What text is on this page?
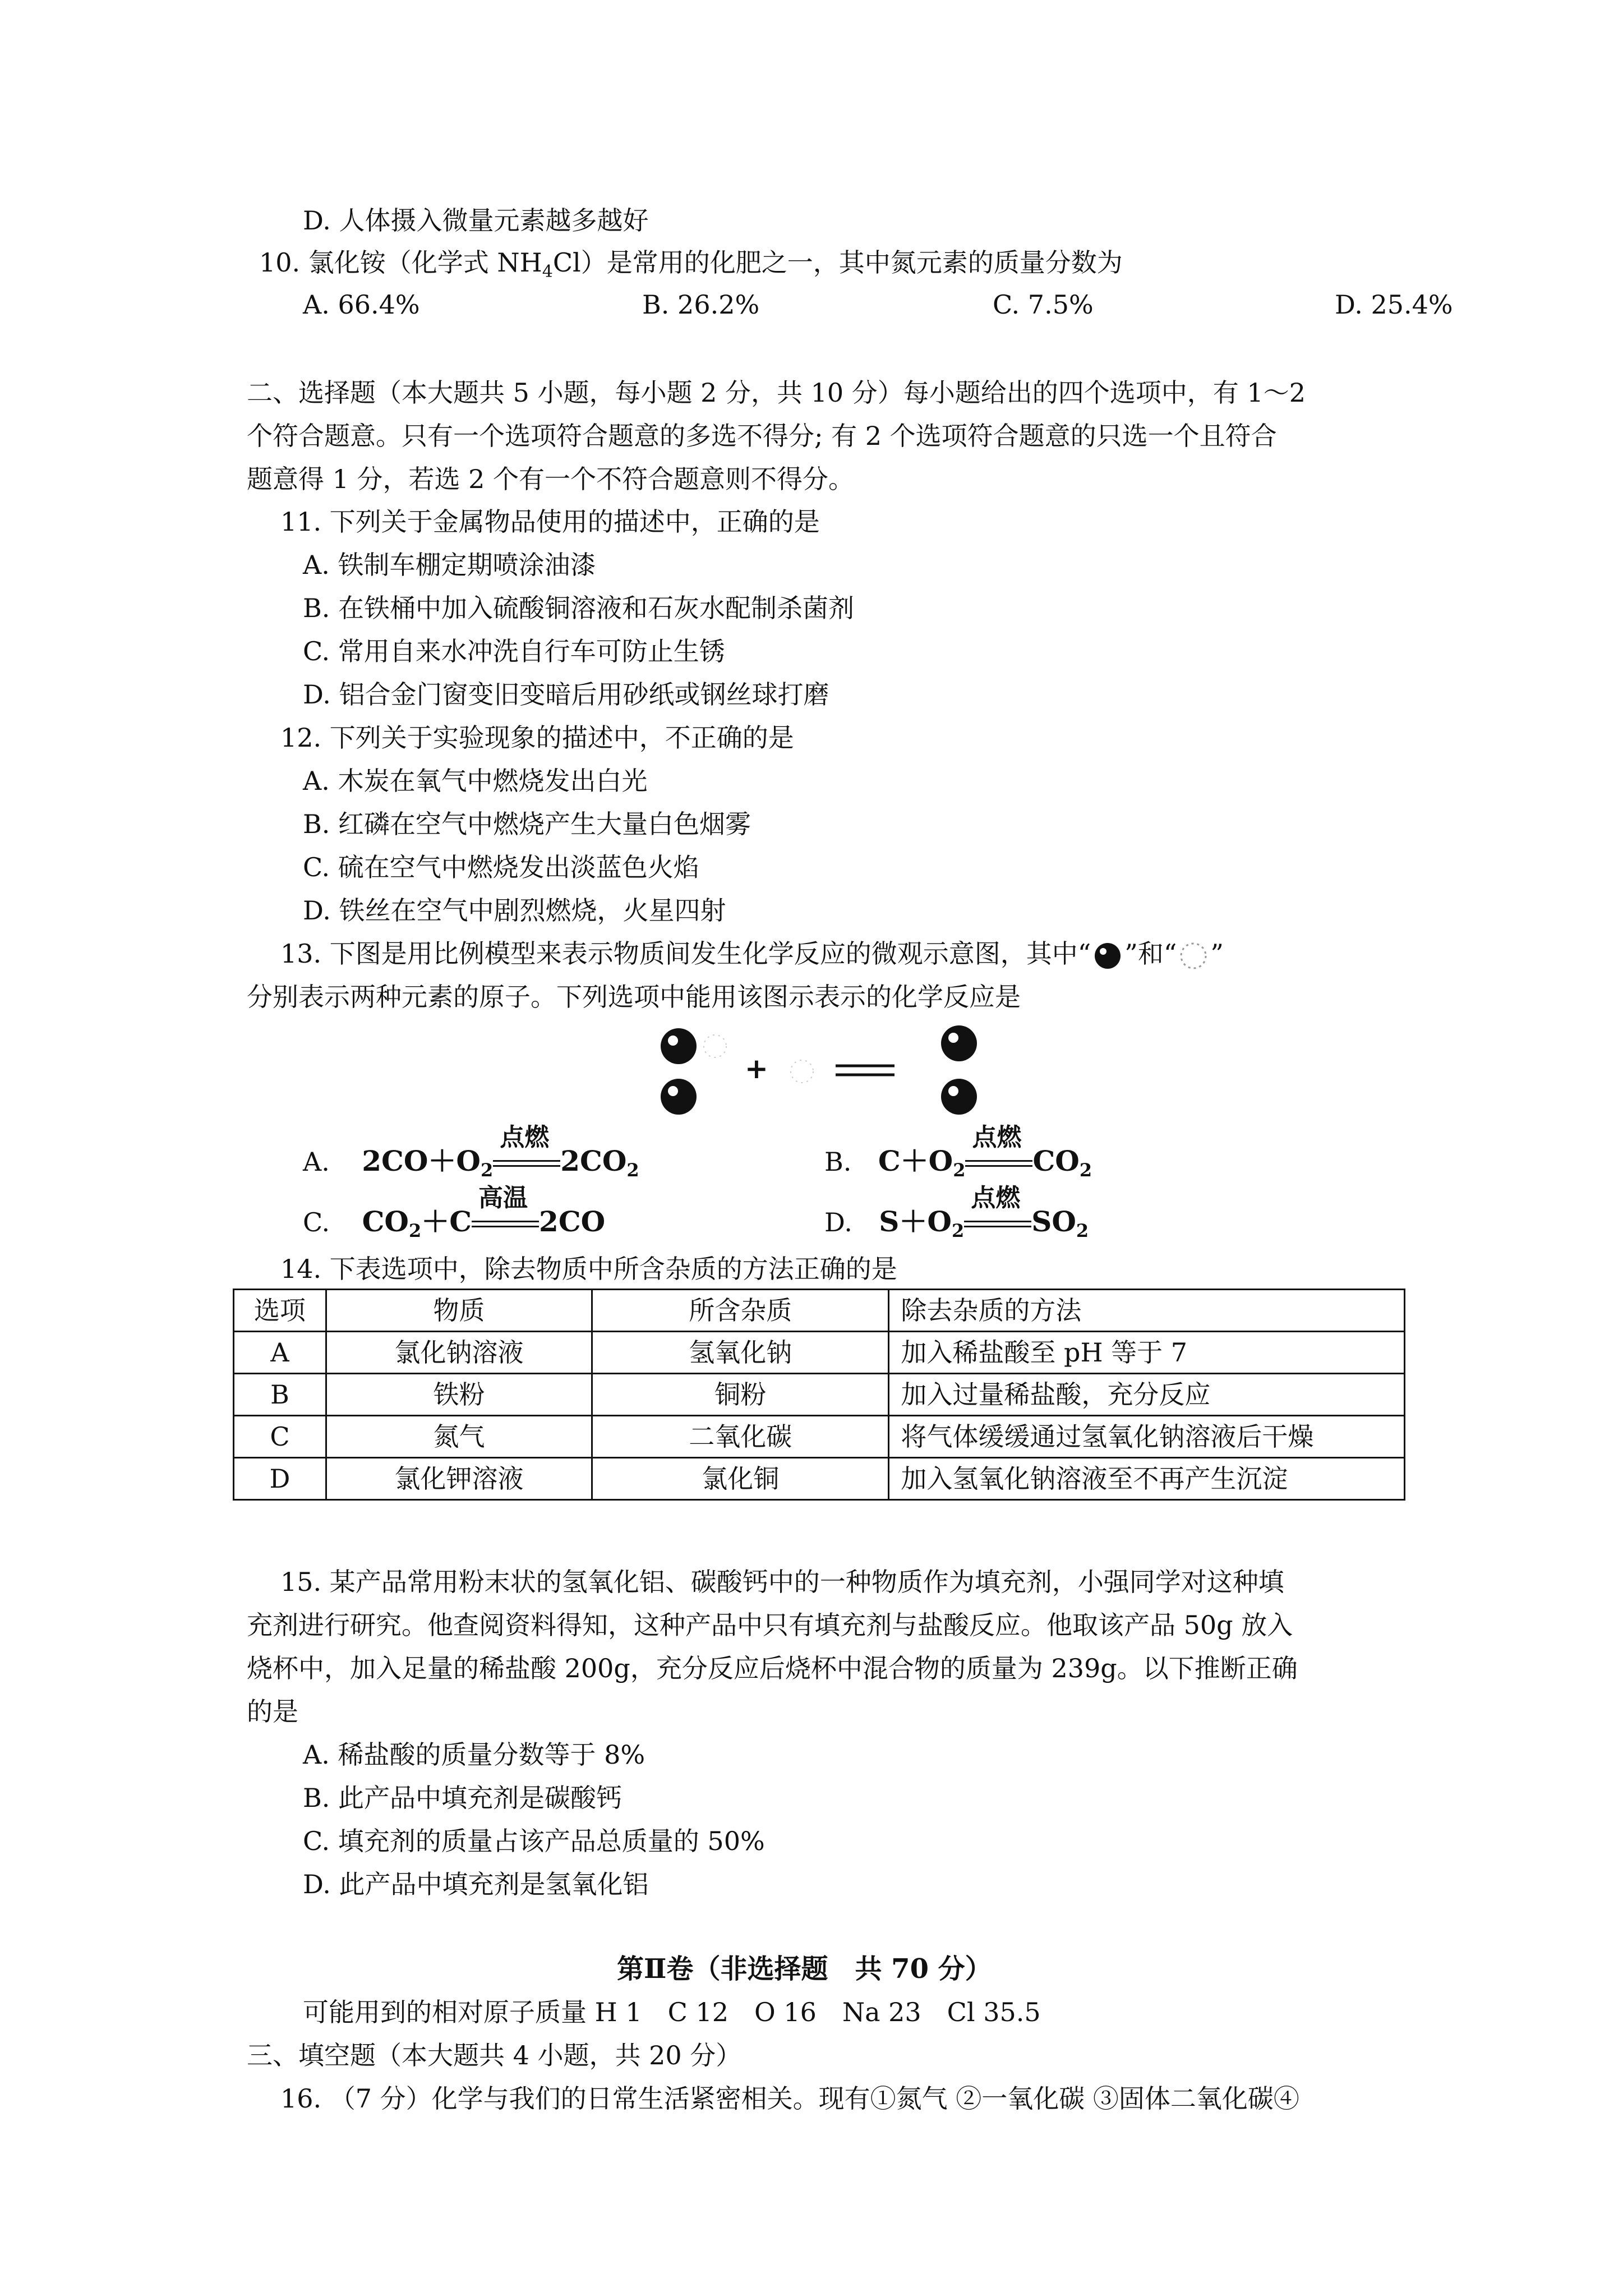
D. 人体摄入微量元素越多越好
10. 氯化铵（化学式 $NH_4Cl$）是常用的化肥之一，其中氮元素的质量分数为
A. 66.4%	B. 26.2%	C. 7.5%	D. 25.4%
二、选择题（本大题共 5 小题，每小题 2 分，共 10 分）每小题给出的四个选项中，有 1～2
个符合题意。只有一个选项符合题意的多选不得分; 有 2 个选项符合题意的只选一个且符合
题意得 1 分，若选 2 个有一个不符合题意则不得分。
11. 下列关于金属物品使用的描述中，正确的是
A. 铁制车棚定期喷涂油漆
B. 在铁桶中加入硫酸铜溶液和石灰水配制杀菌剂
C. 常用自来水冲洗自行车可防止生锈
D. 铝合金门窗变旧变暗后用砂纸或钢丝球打磨
12. 下列关于实验现象的描述中，不正确的是
A. 木炭在氧气中燃烧发出白光
B. 红磷在空气中燃烧产生大量白色烟雾
C. 硫在空气中燃烧发出淡蓝色火焰
D. 铁丝在空气中剧烈燃烧，火星四射
13. 下图是用比例模型来表示物质间发生化学反应的微观示意图，其中“ ”和“ ”
分别表示两种元素的原子。下列选项中能用该图示表示的化学反应是
+
A. $2CO+O_2$
点燃
$2CO_2$	B. $C+O_2$
点燃
$CO_2$
C. $CO_2+C$
高温
2CO	D. $S+O_2$
点燃
$SO_2$
14. 下表选项中，除去物质中所含杂质的方法正确的是
选项	物质	所含杂质	除去杂质的方法
A	氯化钠溶液	氢氧化钠	加入稀盐酸至 pH 等于 7
B	铁粉	铜粉	加入过量稀盐酸，充分反应
C	氮气	二氧化碳	将气体缓缓通过氢氧化钠溶液后干燥
D	氯化钾溶液	氯化铜	加入氢氧化钠溶液至不再产生沉淀
15. 某产品常用粉末状的氢氧化铝、碳酸钙中的一种物质作为填充剂，小强同学对这种填
充剂进行研究。他查阅资料得知，这种产品中只有填充剂与盐酸反应。他取该产品 50g 放入
烧杯中，加入足量的稀盐酸 200g，充分反应后烧杯中混合物的质量为 239g。以下推断正确
的是
A. 稀盐酸的质量分数等于 8%
B. 此产品中填充剂是碳酸钙
C. 填充剂的质量占该产品总质量的 50%
D. 此产品中填充剂是氢氧化铝
第Ⅱ卷（非选择题　共 70 分）
可能用到的相对原子质量 H 1　C 12　O 16　Na 23　Cl 35.5
三、填空题（本大题共 4 小题，共 20 分）
16. （7 分）化学与我们的日常生活紧密相关。现有①氮气 ②一氧化碳 ③固体二氧化碳④
